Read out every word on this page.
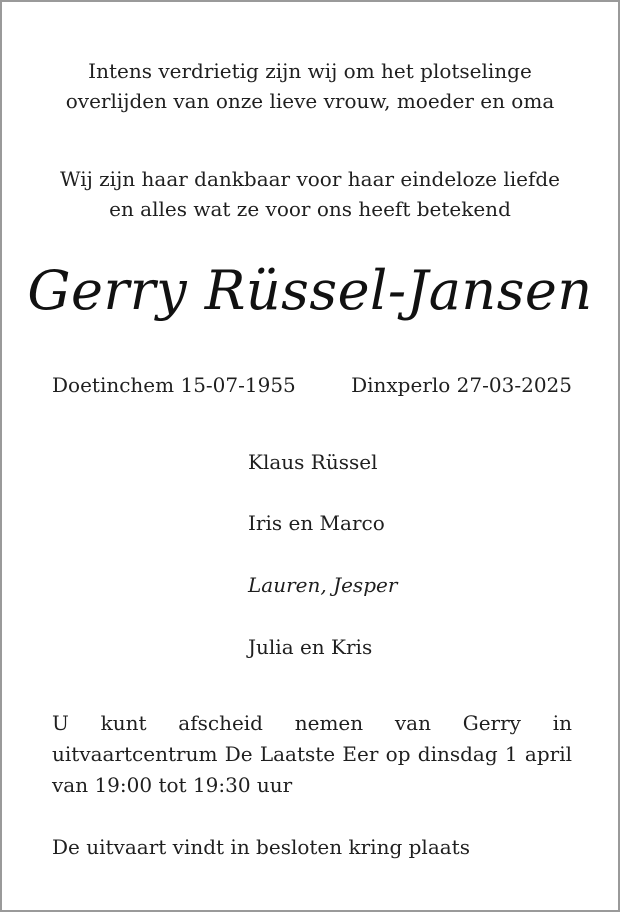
Intens verdrietig zijn wij om het plotselinge
overlijden van onze lieve vrouw, moeder en oma
Wij zijn haar dankbaar voor haar eindeloze liefde
en alles wat ze voor ons heeft betekend
Gerry Rüssel-Jansen
Doetinchem 15-07-1955	Dinxperlo 27-03-2025
Klaus Rüssel
Iris en Marco
Lauren, Jesper
Julia en Kris
U kunt afscheid nemen van Gerry in uitvaartcentrum De Laatste Eer op dinsdag 1 april van 19:00 tot 19:30 uur
De uitvaart vindt in besloten kring plaats
